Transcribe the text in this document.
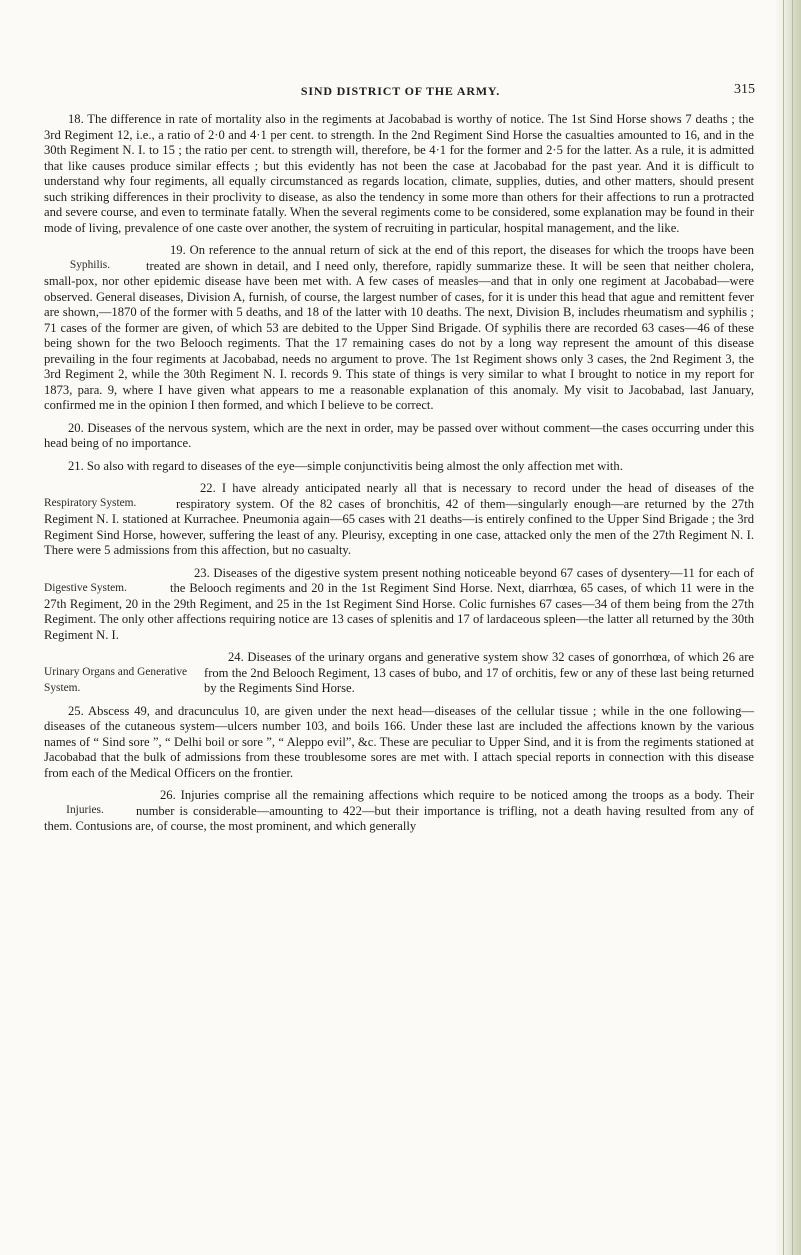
SIND DISTRICT OF THE ARMY.	315

18. The difference in rate of mortality also in the regiments at Jacobabad is worthy of notice. The 1st Sind Horse shows 7 deaths ; the 3rd Regiment 12, i.e., a ratio of 2·0 and 4·1 per cent. to strength. In the 2nd Regiment Sind Horse the casualties amounted to 16, and in the 30th Regiment N. I. to 15 ; the ratio per cent. to strength will, therefore, be 4·1 for the former and 2·5 for the latter. As a rule, it is admitted that like causes produce similar effects ; but this evidently has not been the case at Jacobabad for the past year. And it is difficult to understand why four regiments, all equally circumstanced as regards location, climate, supplies, duties, and other matters, should present such striking differences in their proclivity to disease, as also the tendency in some more than others for their affections to run a protracted and severe course, and even to terminate fatally. When the several regiments come to be considered, some explanation may be found in their mode of living, prevalence of one caste over another, the system of recruiting in particular, hospital management, and the like.

19.
Syphilis.
On reference to the annual return of sick at the end of this report, the diseases for which the troops have been treated are shown in detail, and I need only, therefore, rapidly summarize these. It will be seen that neither cholera, small-pox, nor other epidemic disease have been met with. A few cases of measles—and that in only one regiment at Jacobabad—were observed. General diseases, Division A, furnish, of course, the largest number of cases, for it is under this head that ague and remittent fever are shown,—1870 of the former with 5 deaths, and 18 of the latter with 10 deaths. The next, Division B, includes rheumatism and syphilis ; 71 cases of the former are given, of which 53 are debited to the Upper Sind Brigade. Of syphilis there are recorded 63 cases—46 of these being shown for the two Belooch regiments. That the 17 remaining cases do not by a long way represent the amount of this disease prevailing in the four regiments at Jacobabad, needs no argument to prove. The 1st Regiment shows only 3 cases, the 2nd Regiment 3, the 3rd Regiment 2, while the 30th Regiment N. I. records 9. This state of things is very similar to what I brought to notice in my report for 1873, para. 9, where I have given what appears to me a reasonable explanation of this anomaly. My visit to Jacobabad, last January, confirmed me in the opinion I then formed, and which I believe to be correct.

20. Diseases of the nervous system, which are the next in order, may be passed over without comment—the cases occurring under this head being of no importance.

21. So also with regard to diseases of the eye—simple conjunctivitis being almost the only affection met with.

22.
Respiratory System.
I have already anticipated nearly all that is necessary to record under the head of diseases of the respiratory system. Of the 82 cases of bronchitis, 42 of them—singularly enough—are returned by the 27th Regiment N. I. stationed at Kurrachee. Pneumonia again—65 cases with 21 deaths—is entirely confined to the Upper Sind Brigade ; the 3rd Regiment Sind Horse, however, suffering the least of any. Pleurisy, excepting in one case, attacked only the men of the 27th Regiment N. I. There were 5 admissions from this affection, but no casualty.

23.
Digestive System.
Diseases of the digestive system present nothing noticeable beyond 67 cases of dysentery—11 for each of the Belooch regiments and 20 in the 1st Regiment Sind Horse. Next, diarrhœa, 65 cases, of which 11 were in the 27th Regiment, 20 in the 29th Regiment, and 25 in the 1st Regiment Sind Horse. Colic furnishes 67 cases—34 of them being from the 27th Regiment. The only other affections requiring notice are 13 cases of splenitis and 17 of lardaceous spleen—the latter all returned by the 30th Regiment N. I.

24.
Urinary Organs and Generative System.
Diseases of the urinary organs and generative system show 32 cases of gonorrhœa, of which 26 are from the 2nd Belooch Regiment, 13 cases of bubo, and 17 of orchitis, few or any of these last being returned by the Regiments Sind Horse.

25. Abscess 49, and dracunculus 10, are given under the next head—diseases of the cellular tissue ; while in the one following—diseases of the cutaneous system—ulcers number 103, and boils 166. Under these last are included the affections known by the various names of “ Sind sore ”, “ Delhi boil or sore ”, “ Aleppo evil”, &c. These are peculiar to Upper Sind, and it is from the regiments stationed at Jacobabad that the bulk of admissions from these troublesome sores are met with. I attach special reports in connection with this disease from each of the Medical Officers on the frontier.

26.
Injuries.
Injuries comprise all the remaining affections which require to be noticed among the troops as a body. Their number is considerable—amounting to 422—but their importance is trifling, not a death having resulted from any of them. Contusions are, of course, the most prominent, and which generally
